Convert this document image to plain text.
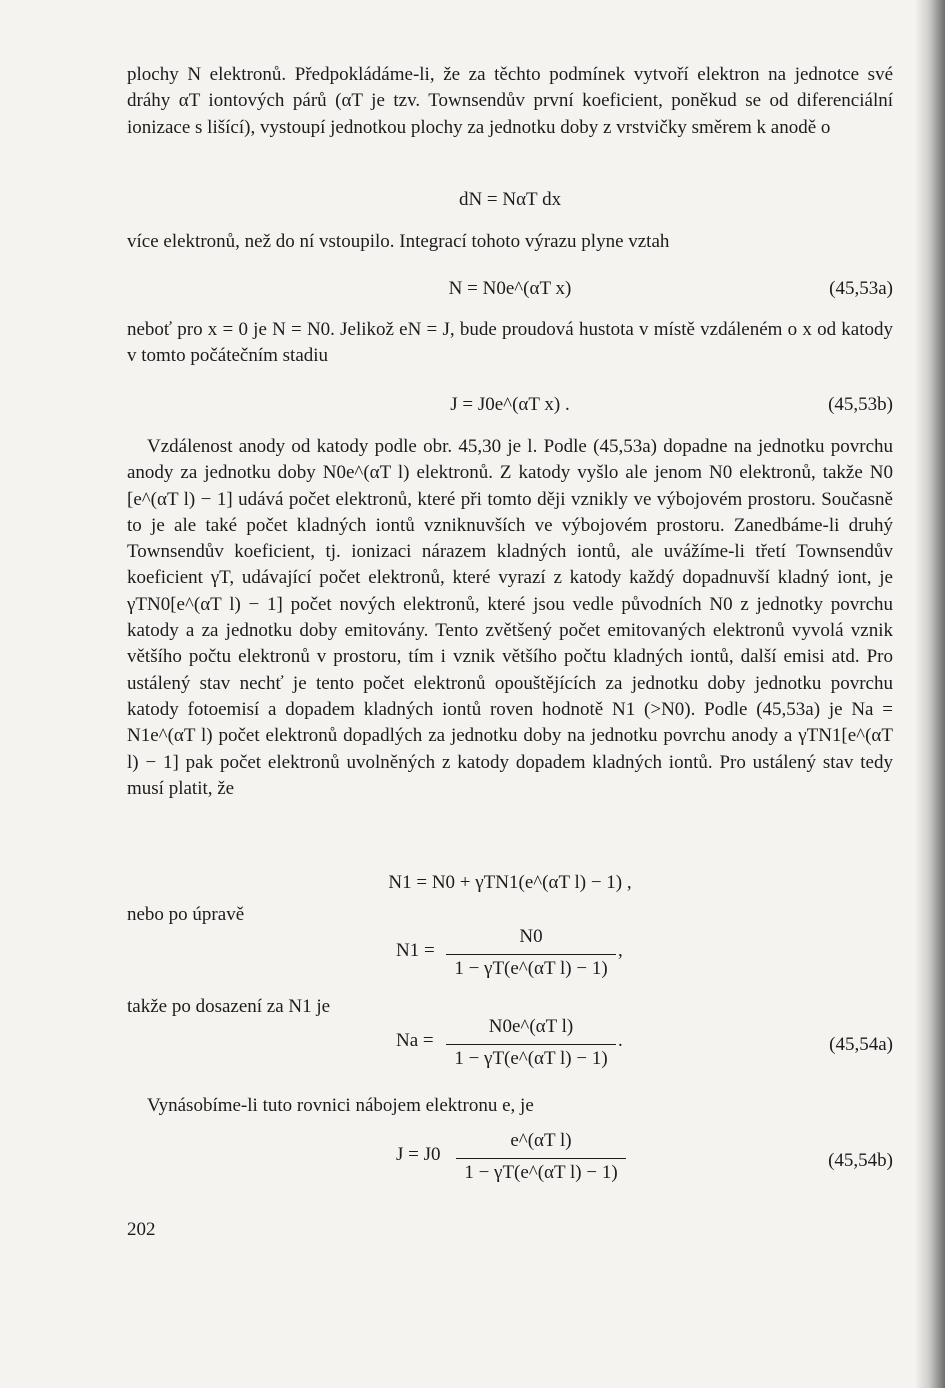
plochy N elektronů. Předpokládáme-li, že za těchto podmínek vytvoří elektron na jednotce své dráhy αT iontových párů (αT je tzv. Townsendův první koeficient, poněkud se od diferenciální ionizace s lišící), vystoupí jednotkou plochy za jednotku doby z vrstvičky směrem k anodě o

dN = NαT dx

více elektronů, než do ní vstoupilo. Integrací tohoto výrazu plyne vztah

N = N0e^(αT x)	(45,53a)

neboť pro x = 0 je N = N0. Jelikož eN = J, bude proudová hustota v místě vzdáleném o x od katody v tomto počátečním stadiu

J = J0e^(αT x) .	(45,53b)

Vzdálenost anody od katody podle obr. 45,30 je l. Podle (45,53a) dopadne na jednotku povrchu anody za jednotku doby N0e^(αT l) elektronů. Z katody vyšlo ale jenom N0 elektronů, takže N0 [e^(αT l) − 1] udává počet elektronů, které při tomto ději vznikly ve výbojovém prostoru. Současně to je ale také počet kladných iontů vzniknuvších ve výbojovém prostoru. Zanedbáme-li druhý Townsendův koeficient, tj. ionizaci nárazem kladných iontů, ale uvážíme-li třetí Townsendův koeficient γT, udávající počet elektronů, které vyrazí z katody každý dopadnuvší kladný iont, je γTN0[e^(αT l) − 1] počet nových elektronů, které jsou vedle původních N0 z jednotky povrchu katody a za jednotku doby emitovány. Tento zvětšený počet emitovaných elektronů vyvolá vznik většího počtu elektronů v prostoru, tím i vznik většího počtu kladných iontů, další emisi atd. Pro ustálený stav nechť je tento počet elektronů opouštějících za jednotku doby jednotku povrchu katody fotoemisí a dopadem kladných iontů roven hodnotě N1 (>N0). Podle (45,53a) je Na = N1e^(αT l) počet elektronů dopadlých za jednotku doby na jednotku povrchu anody a γTN1[e^(αT l) − 1] pak počet elektronů uvolněných z katody dopadem kladných iontů. Pro ustálený stav tedy musí platit, že

N1 = N0 + γTN1(e^(αT l) − 1) ,

nebo po úpravě

N1 =
N0
1 − γT(e^(αT l) − 1)
,

takže po dosazení za N1 je

Na =
N0e^(αT l)
1 − γT(e^(αT l) − 1)
.	(45,54a)

Vynásobíme-li tuto rovnici nábojem elektronu e, je

J = J0
e^(αT l)
1 − γT(e^(αT l) − 1)
(45,54b)
202
